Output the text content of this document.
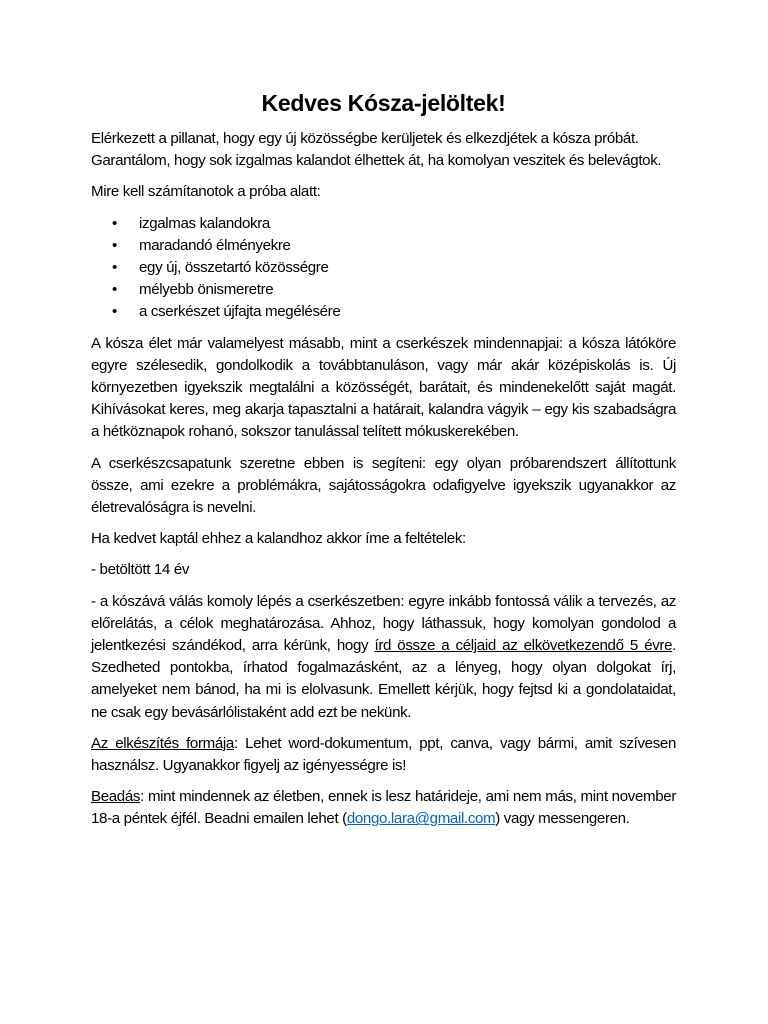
Kedves Kósza-jelöltek!

Elérkezett a pillanat, hogy egy új közösségbe kerüljetek és elkezdjétek a kósza próbát. Garantálom, hogy sok izgalmas kalandot élhettek át, ha komolyan veszitek és belevágtok.

Mire kell számítanotok a próba alatt:

• izgalmas kalandokra
• maradandó élményekre
• egy új, összetartó közösségre
• mélyebb önismeretre
• a cserkészet újfajta megélésére

A kósza élet már valamelyest másabb, mint a cserkészek mindennapjai: a kósza látóköre egyre szélesedik, gondolkodik a továbbtanuláson, vagy már akár középiskolás is. Új környezetben igyekszik megtalálni a közösségét, barátait, és mindenekelőtt saját magát. Kihívásokat keres, meg akarja tapasztalni a határait, kalandra vágyik – egy kis szabadságra a hétköznapok rohanó, sokszor tanulással telített mókuskerekében.

A cserkészcsapatunk szeretne ebben is segíteni: egy olyan próbarendszert állítottunk össze, ami ezekre a problémákra, sajátosságokra odafigyelve igyekszik ugyanakkor az életrevalóságra is nevelni.

Ha kedvet kaptál ehhez a kalandhoz akkor íme a feltételek:

- betöltött 14 év

- a kószává válás komoly lépés a cserkészetben: egyre inkább fontossá válik a tervezés, az előrelátás, a célok meghatározása. Ahhoz, hogy láthassuk, hogy komolyan gondolod a jelentkezési szándékod, arra kérünk, hogy írd össze a céljaid az elkövetkezendő 5 évre. Szedheted pontokba, írhatod fogalmazásként, az a lényeg, hogy olyan dolgokat írj, amelyeket nem bánod, ha mi is elolvasunk. Emellett kérjük, hogy fejtsd ki a gondolataidat, ne csak egy bevásárlólistaként add ezt be nekünk.

Az elkészítés formája: Lehet word-dokumentum, ppt, canva, vagy bármi, amit szívesen használsz. Ugyanakkor figyelj az igényességre is!

Beadás: mint mindennek az életben, ennek is lesz határideje, ami nem más, mint november 18-a péntek éjfél. Beadni emailen lehet (dongo.lara@gmail.com) vagy messengeren.
